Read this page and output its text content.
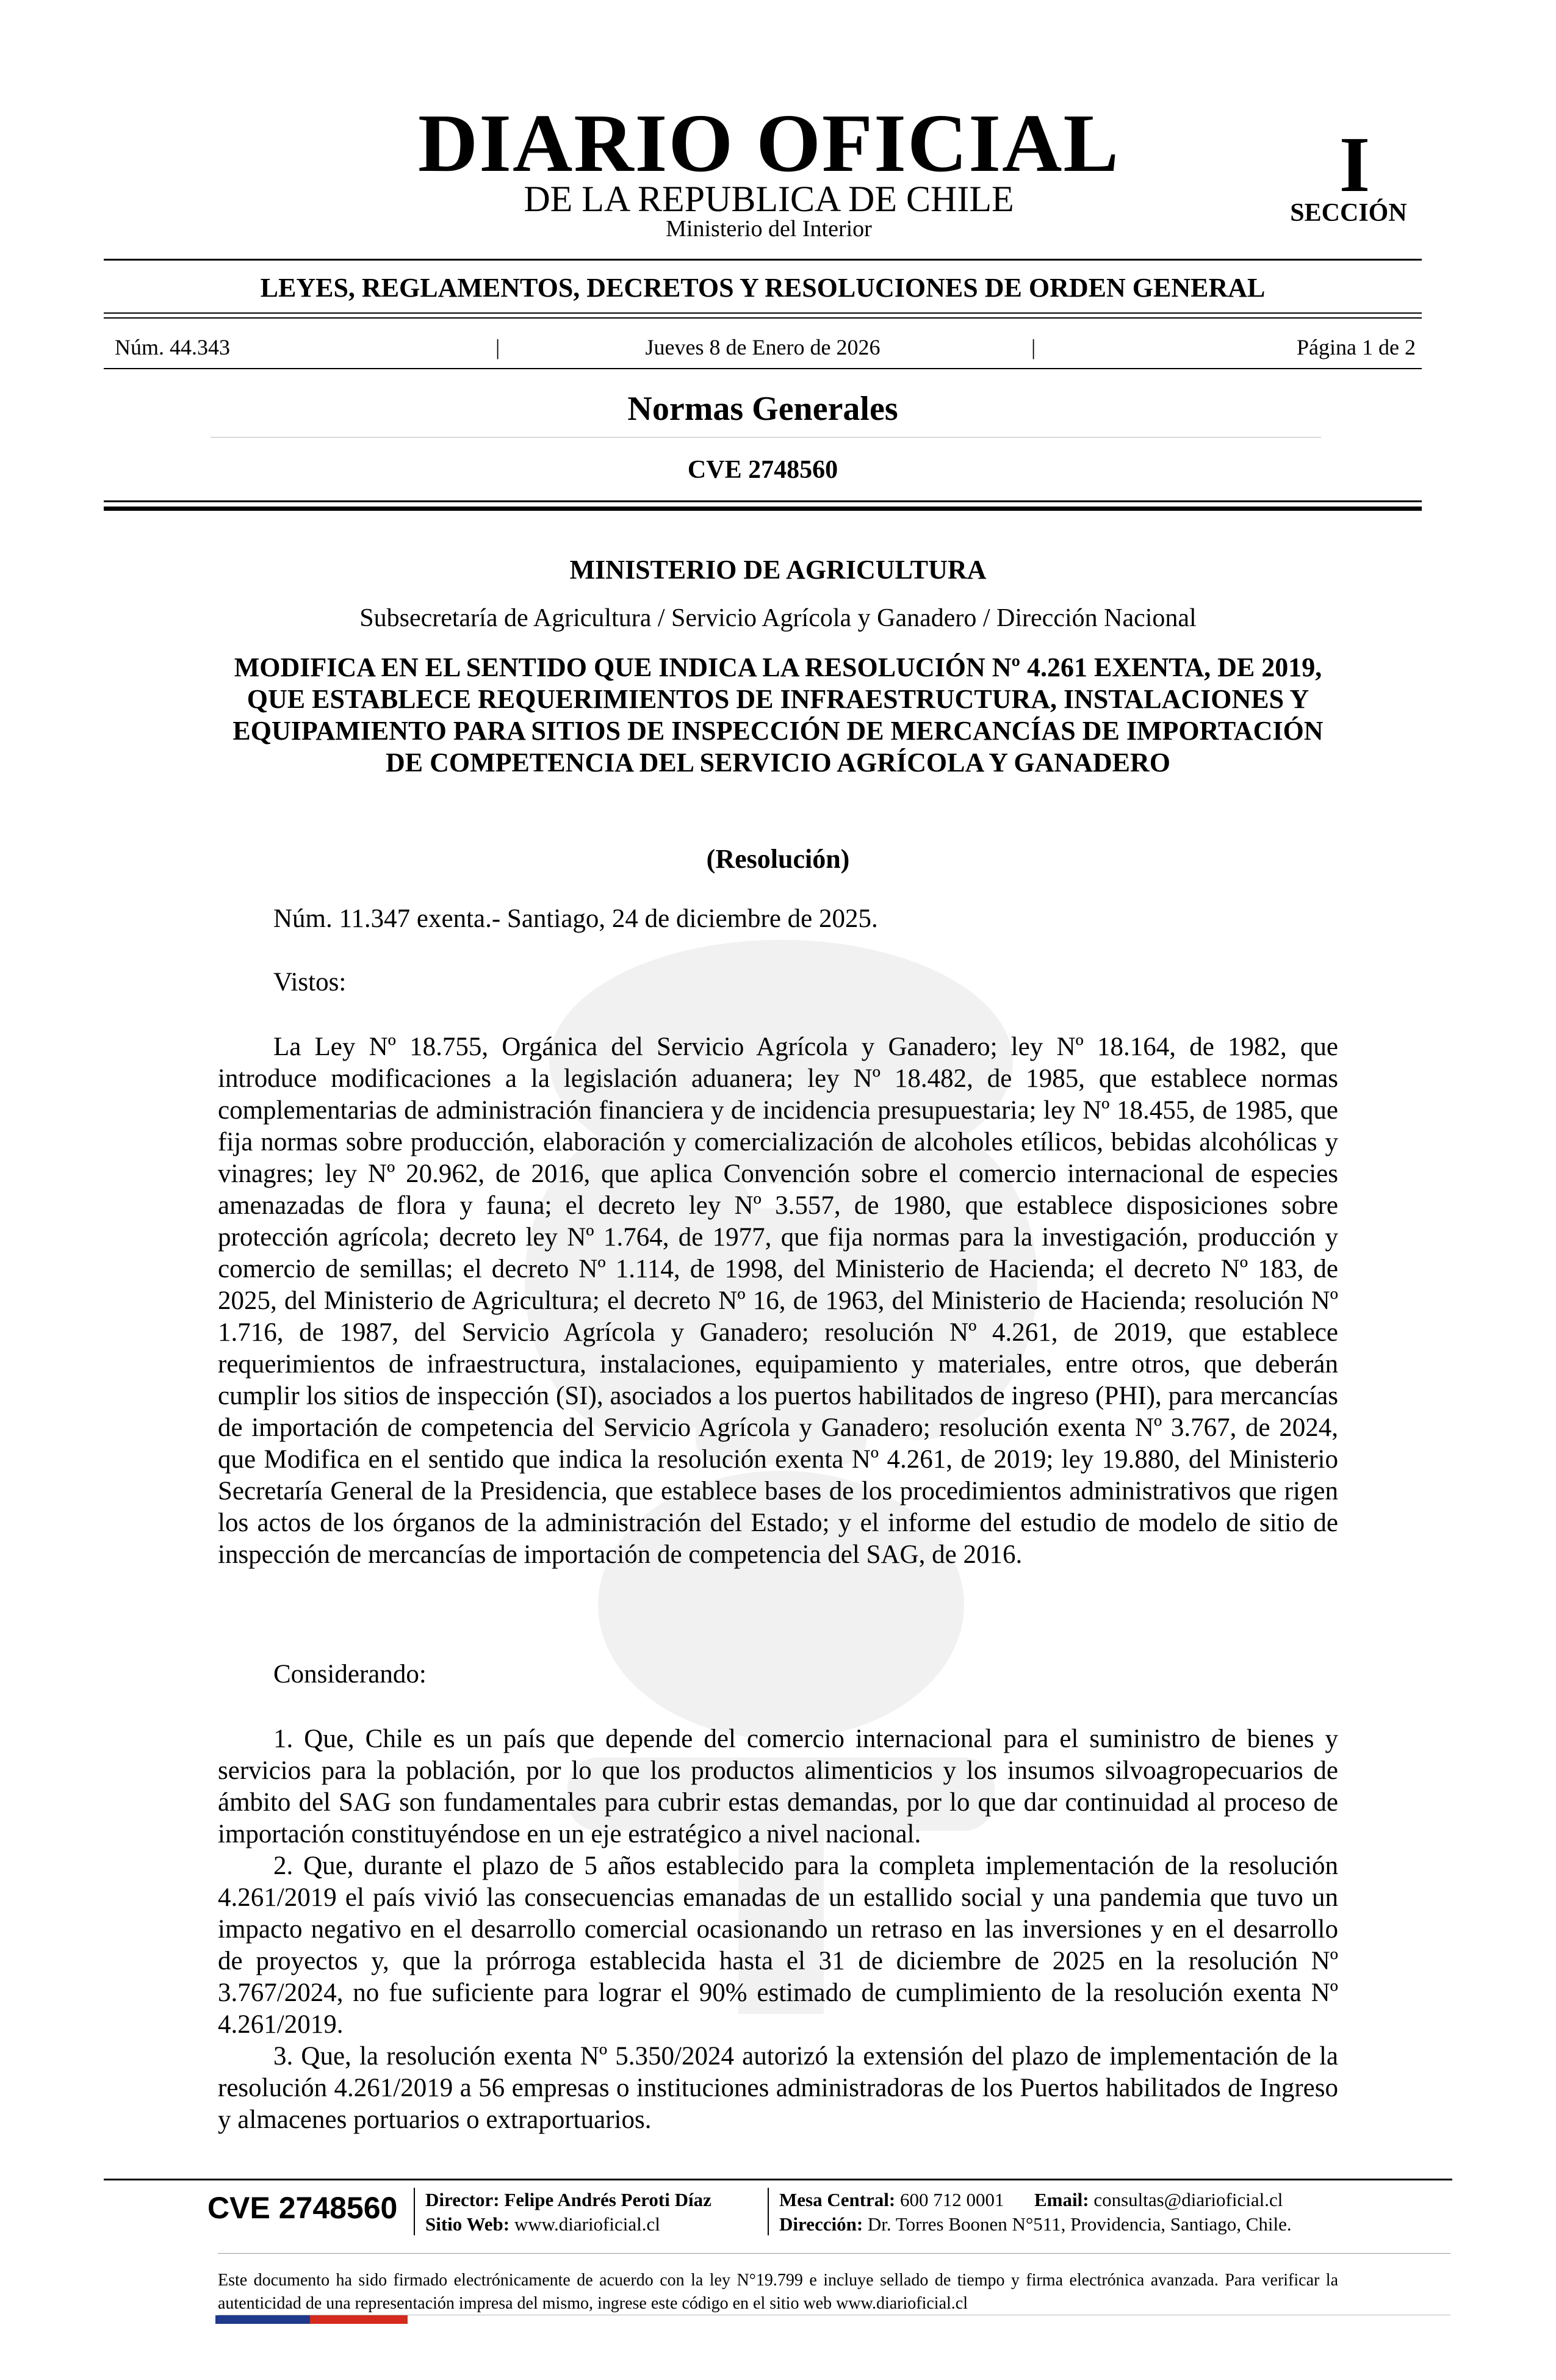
DIARIO OFICIAL
DE LA REPUBLICA DE CHILE
Ministerio del Interior
I
SECCIÓN
LEYES, REGLAMENTOS, DECRETOS Y RESOLUCIONES DE ORDEN GENERAL
Núm. 44.343	|	Jueves 8 de Enero de 2026	|	Página 1 de 2
Normas Generales
CVE 2748560
MINISTERIO DE AGRICULTURA
Subsecretaría de Agricultura / Servicio Agrícola y Ganadero / Dirección Nacional
MODIFICA EN EL SENTIDO QUE INDICA LA RESOLUCIÓN Nº 4.261 EXENTA, DE 2019, QUE ESTABLECE REQUERIMIENTOS DE INFRAESTRUCTURA, INSTALACIONES Y EQUIPAMIENTO PARA SITIOS DE INSPECCIÓN DE MERCANCÍAS DE IMPORTACIÓN DE COMPETENCIA DEL SERVICIO AGRÍCOLA Y GANADERO
(Resolución)
Núm. 11.347 exenta.- Santiago, 24 de diciembre de 2025.
Vistos:
La Ley Nº 18.755, Orgánica del Servicio Agrícola y Ganadero; ley Nº 18.164, de 1982, que introduce modificaciones a la legislación aduanera; ley Nº 18.482, de 1985, que establece normas complementarias de administración financiera y de incidencia presupuestaria; ley Nº 18.455, de 1985, que fija normas sobre producción, elaboración y comercialización de alcoholes etílicos, bebidas alcohólicas y vinagres; ley Nº 20.962, de 2016, que aplica Convención sobre el comercio internacional de especies amenazadas de flora y fauna; el decreto ley Nº 3.557, de 1980, que establece disposiciones sobre protección agrícola; decreto ley Nº 1.764, de 1977, que fija normas para la investigación, producción y comercio de semillas; el decreto Nº 1.114, de 1998, del Ministerio de Hacienda; el decreto Nº 183, de 2025, del Ministerio de Agricultura; el decreto Nº 16, de 1963, del Ministerio de Hacienda; resolución Nº 1.716, de 1987, del Servicio Agrícola y Ganadero; resolución Nº 4.261, de 2019, que establece requerimientos de infraestructura, instalaciones, equipamiento y materiales, entre otros, que deberán cumplir los sitios de inspección (SI), asociados a los puertos habilitados de ingreso (PHI), para mercancías de importación de competencia del Servicio Agrícola y Ganadero; resolución exenta Nº 3.767, de 2024, que Modifica en el sentido que indica la resolución exenta Nº 4.261, de 2019; ley 19.880, del Ministerio Secretaría General de la Presidencia, que establece bases de los procedimientos administrativos que rigen los actos de los órganos de la administración del Estado; y el informe del estudio de modelo de sitio de inspección de mercancías de importación de competencia del SAG, de 2016.
Considerando:

1. Que, Chile es un país que depende del comercio internacional para el suministro de bienes y servicios para la población, por lo que los productos alimenticios y los insumos silvoagropecuarios de ámbito del SAG son fundamentales para cubrir estas demandas, por lo que dar continuidad al proceso de importación constituyéndose en un eje estratégico a nivel nacional.

2. Que, durante el plazo de 5 años establecido para la completa implementación de la resolución 4.261/2019 el país vivió las consecuencias emanadas de un estallido social y una pandemia que tuvo un impacto negativo en el desarrollo comercial ocasionando un retraso en las inversiones y en el desarrollo de proyectos y, que la prórroga establecida hasta el 31 de diciembre de 2025 en la resolución Nº 3.767/2024, no fue suficiente para lograr el 90% estimado de cumplimiento de la resolución exenta Nº 4.261/2019.

3. Que, la resolución exenta Nº 5.350/2024 autorizó la extensión del plazo de implementación de la resolución 4.261/2019 a 56 empresas o instituciones administradoras de los Puertos habilitados de Ingreso y almacenes portuarios o extraportuarios.

CVE 2748560	Director: Felipe Andrés Peroti Díaz
Sitio Web: www.diarioficial.cl
Mesa Central: 600 712 0001 Email: consultas@diarioficial.cl
Dirección: Dr. Torres Boonen N°511, Providencia, Santiago, Chile.
Este documento ha sido firmado electrónicamente de acuerdo con la ley N°19.799 e incluye sellado de tiempo y firma electrónica avanzada. Para verificar la autenticidad de una representación impresa del mismo, ingrese este código en el sitio web www.diarioficial.cl
